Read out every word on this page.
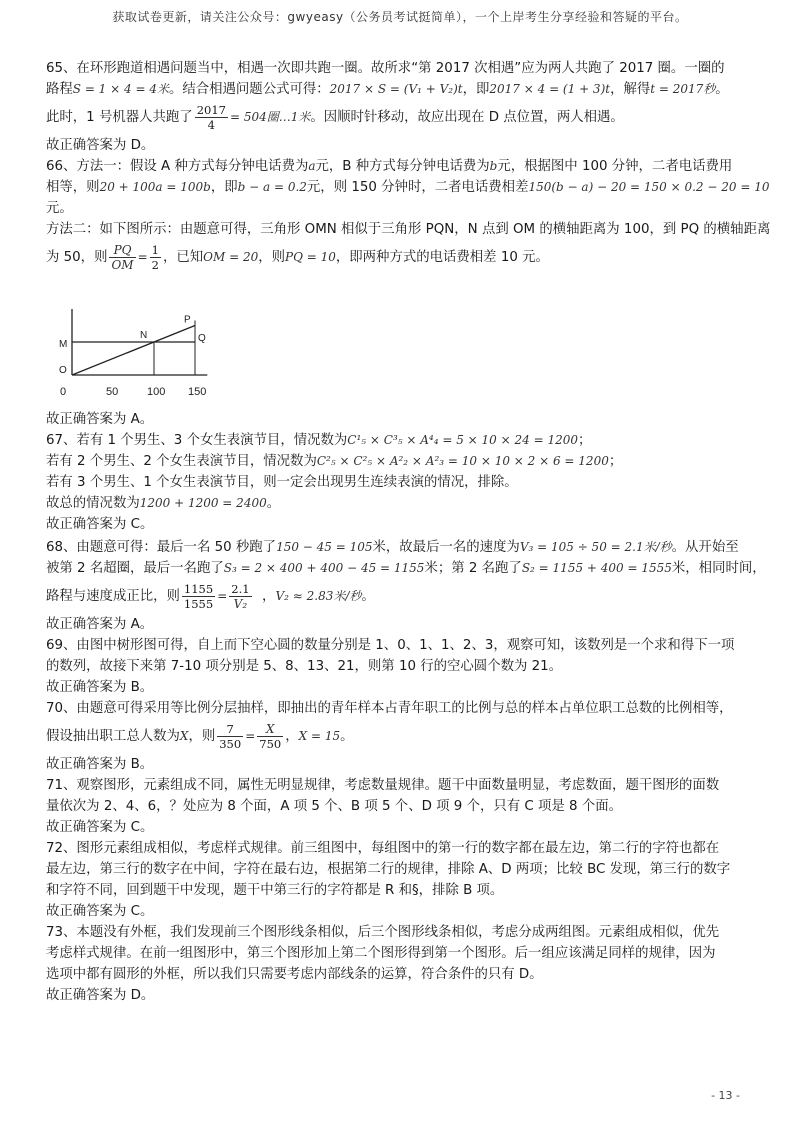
获取试卷更新，请关注公众号：gwyeasy（公务员考试挺简单），一个上岸考生分享经验和答疑的平台。

65、在环形跑道相遇问题当中，相遇一次即共跑一圈。故所求“第 2017 次相遇”应为两人共跑了 2017 圈。一圈的

路程S = 1 × 4 = 4米。结合相遇问题公式可得：2017 × S = (V₁ + V₂)t，即2017 × 4 = (1 + 3)t，解得t = 2017秒。

此时，1 号机器人共跑了 $\frac{2017}{4} = 504$圈…1米。因顺时针移动，故应出现在 D 点位置，两人相遇。

故正确答案为 D。

66、方法一：假设 A 种方式每分钟电话费为a元，B 种方式每分钟电话费为b元，根据图中 100 分钟，二者电话费用

相等，则20 + 100a = 100b，即b − a = 0.2元，则 150 分钟时，二者电话费相差150(b − a) − 20 = 150 × 0.2 − 20 = 10

元。

方法二：如下图所示：由题意可得，三角形 OMN 相似于三角形 PQN，N 点到 OM 的横轴距离为 100，到 PQ 的横轴距离

为 50，则 $\frac{PQ}{OM} = \frac{1}{2}$ ，已知OM = 20，则PQ = 10，即两种方式的电话费相差 10 元。

0	50	100 150
O
M
N
P
Q

故正确答案为 A。

67、若有 1 个男生、3 个女生表演节目，情况数为C¹₅ × C³₅ × A⁴₄ = 5 × 10 × 24 = 1200；

若有 2 个男生、2 个女生表演节目，情况数为C²₅ × C²₅ × A²₂ × A²₃ = 10 × 10 × 2 × 6 = 1200；

若有 3 个男生、1 个女生表演节目，则一定会出现男生连续表演的情况，排除。

故总的情况数为1200 + 1200 = 2400。

故正确答案为 C。

68、由题意可得：最后一名 50 秒跑了150 − 45 = 105米，故最后一名的速度为V₃ = 105 ÷ 50 = 2.1米/秒。从开始至

被第 2 名超圈，最后一名跑了S₃ = 2 × 400 + 400 − 45 = 1155米；第 2 名跑了S₂ = 1155 + 400 = 1555米，相同时间，

路程与速度成正比，则 $\frac{1155}{1555} = \frac{2.1}{\text{V₂}}$ ，V₂ ≈ 2.83米/秒。

故正确答案为 A。

69、由图中树形图可得，自上而下空心圆的数量分别是 1、0、1、1、2、3，观察可知，该数列是一个求和得下一项

的数列，故接下来第 7-10 项分别是 5、8、13、21，则第 10 行的空心圆个数为 21。

故正确答案为 B。

70、由题意可得采用等比例分层抽样，即抽出的青年样本占青年职工的比例与总的样本占单位职工总数的比例相等，

假设抽出职工总人数为X，则 $\frac{7}{350} = \frac{X}{750}$ ，X = 15。

故正确答案为 B。

71、观察图形，元素组成不同，属性无明显规律，考虑数量规律。题干中面数量明显，考虑数面，题干图形的面数

量依次为 2、4、6，？处应为 8 个面，A 项 5 个、B 项 5 个、D 项 9 个，只有 C 项是 8 个面。

故正确答案为 C。

72、图形元素组成相似，考虑样式规律。前三组图中，每组图中的第一行的数字都在最左边，第二行的字符也都在

最左边，第三行的数字在中间，字符在最右边，根据第二行的规律，排除 A、D 两项；比较 BC 发现，第三行的数字

和字符不同，回到题干中发现，题干中第三行的字符都是 R 和§，排除 B 项。

故正确答案为 C。

73、本题没有外框，我们发现前三个图形线条相似，后三个图形线条相似，考虑分成两组图。元素组成相似，优先

考虑样式规律。在前一组图形中，第三个图形加上第二个图形得到第一个图形。后一组应该满足同样的规律，因为

选项中都有圆形的外框，所以我们只需要考虑内部线条的运算，符合条件的只有 D。

故正确答案为 D。

- 13 -
